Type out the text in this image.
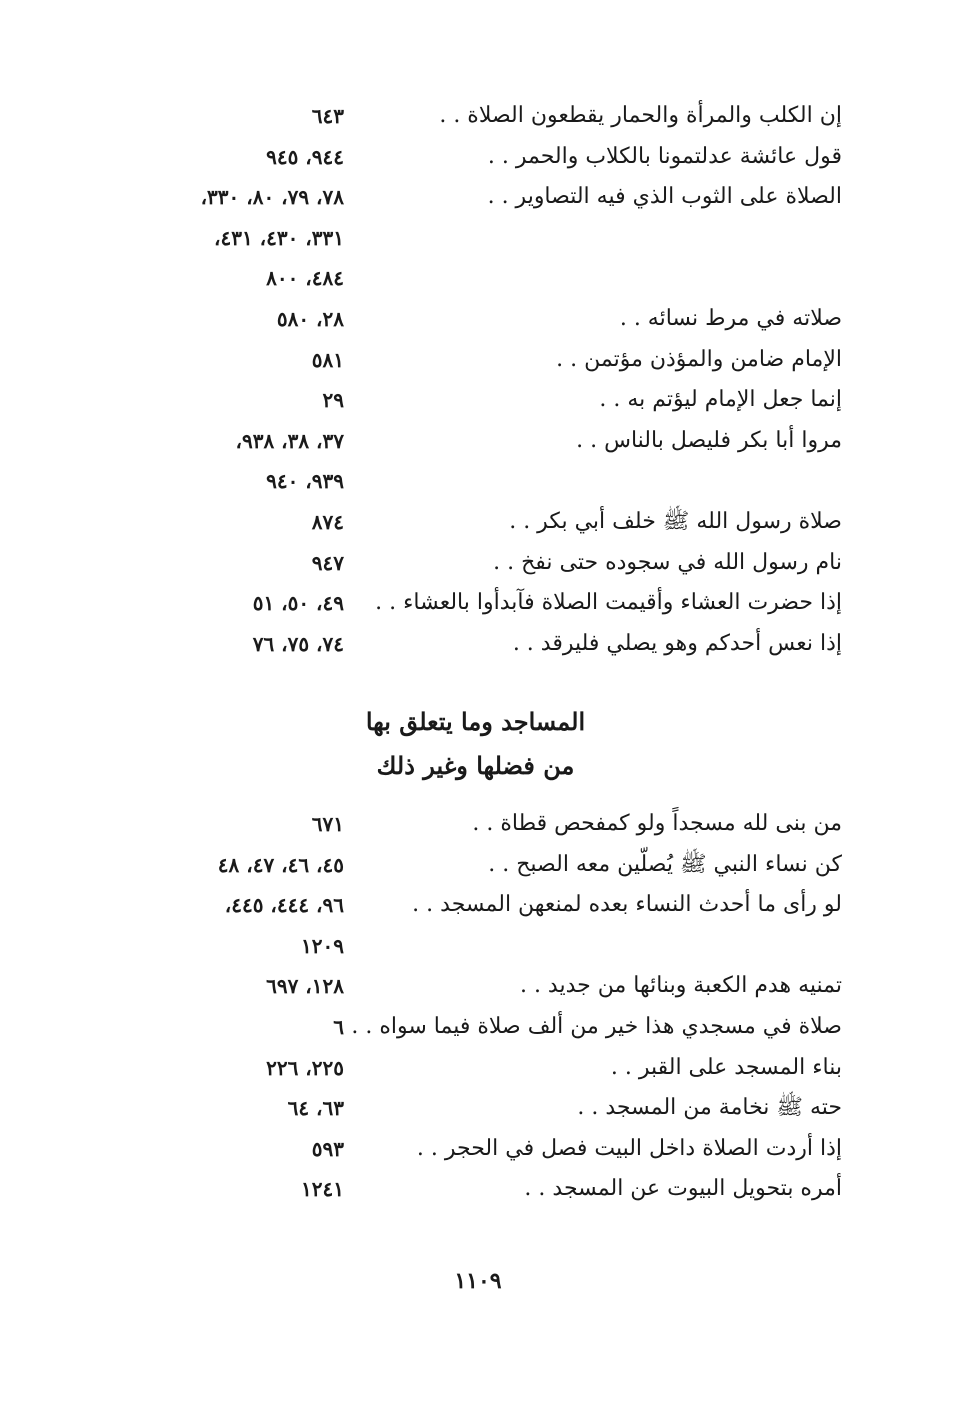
إن الكلب والمرأة والحمار يقطعون الصلاة . .
٦٤٣
قول عائشة عدلتمونا بالكلاب والحمر . .
٩٤٤، ٩٤٥
الصلاة على الثوب الذي فيه التصاوير . .
٧٨، ٧٩، ٨٠، ٣٣٠،
٣٣١، ٤٣٠، ٤٣١،
٤٨٤، ٨٠٠
صلاته في مرط نسائه . .
٢٨، ٥٨٠
الإمام ضامن والمؤذن مؤتمن . .
٥٨١
إنما جعل الإمام ليؤتم به . .
٢٩
مروا أبا بكر فليصل بالناس . .
٣٧، ٣٨، ٩٣٨،
٩٣٩، ٩٤٠
صلاة رسول الله ﷺ خلف أبي بكر . .
٨٧٤
نام رسول الله في سجوده حتى نفخ . .
٩٤٧
إذا حضرت العشاء وأقيمت الصلاة فآبدأوا بالعشاء . .
٤٩، ٥٠، ٥١
إذا نعس أحدكم وهو يصلي فليرقد . .
٧٤، ٧٥، ٧٦
المساجد وما يتعلق بها
من فضلها وغير ذلك
من بنى لله مسجداً ولو كمفحص قطاة . .
٦٧١
كن نساء النبي ﷺ يُصلّين معه الصبح . .
٤٥، ٤٦، ٤٧، ٤٨
لو رأى ما أحدث النساء بعده لمنعهن المسجد . .
٩٦، ٤٤٤، ٤٤٥،
١٢٠٩
تمنيه هدم الكعبة وبنائها من جديد . .
١٢٨، ٦٩٧
صلاة في مسجدي هذا خير من ألف صلاة فيما سواه . .
٦
بناء المسجد على القبر . .
٢٢٥، ٢٢٦
حته ﷺ نخامة من المسجد . .
٦٣، ٦٤
إذا أردت الصلاة داخل البيت فصل في الحجر . .
٥٩٣
أمره بتحويل البيوت عن المسجد . .
١٢٤١
١١٠٩
